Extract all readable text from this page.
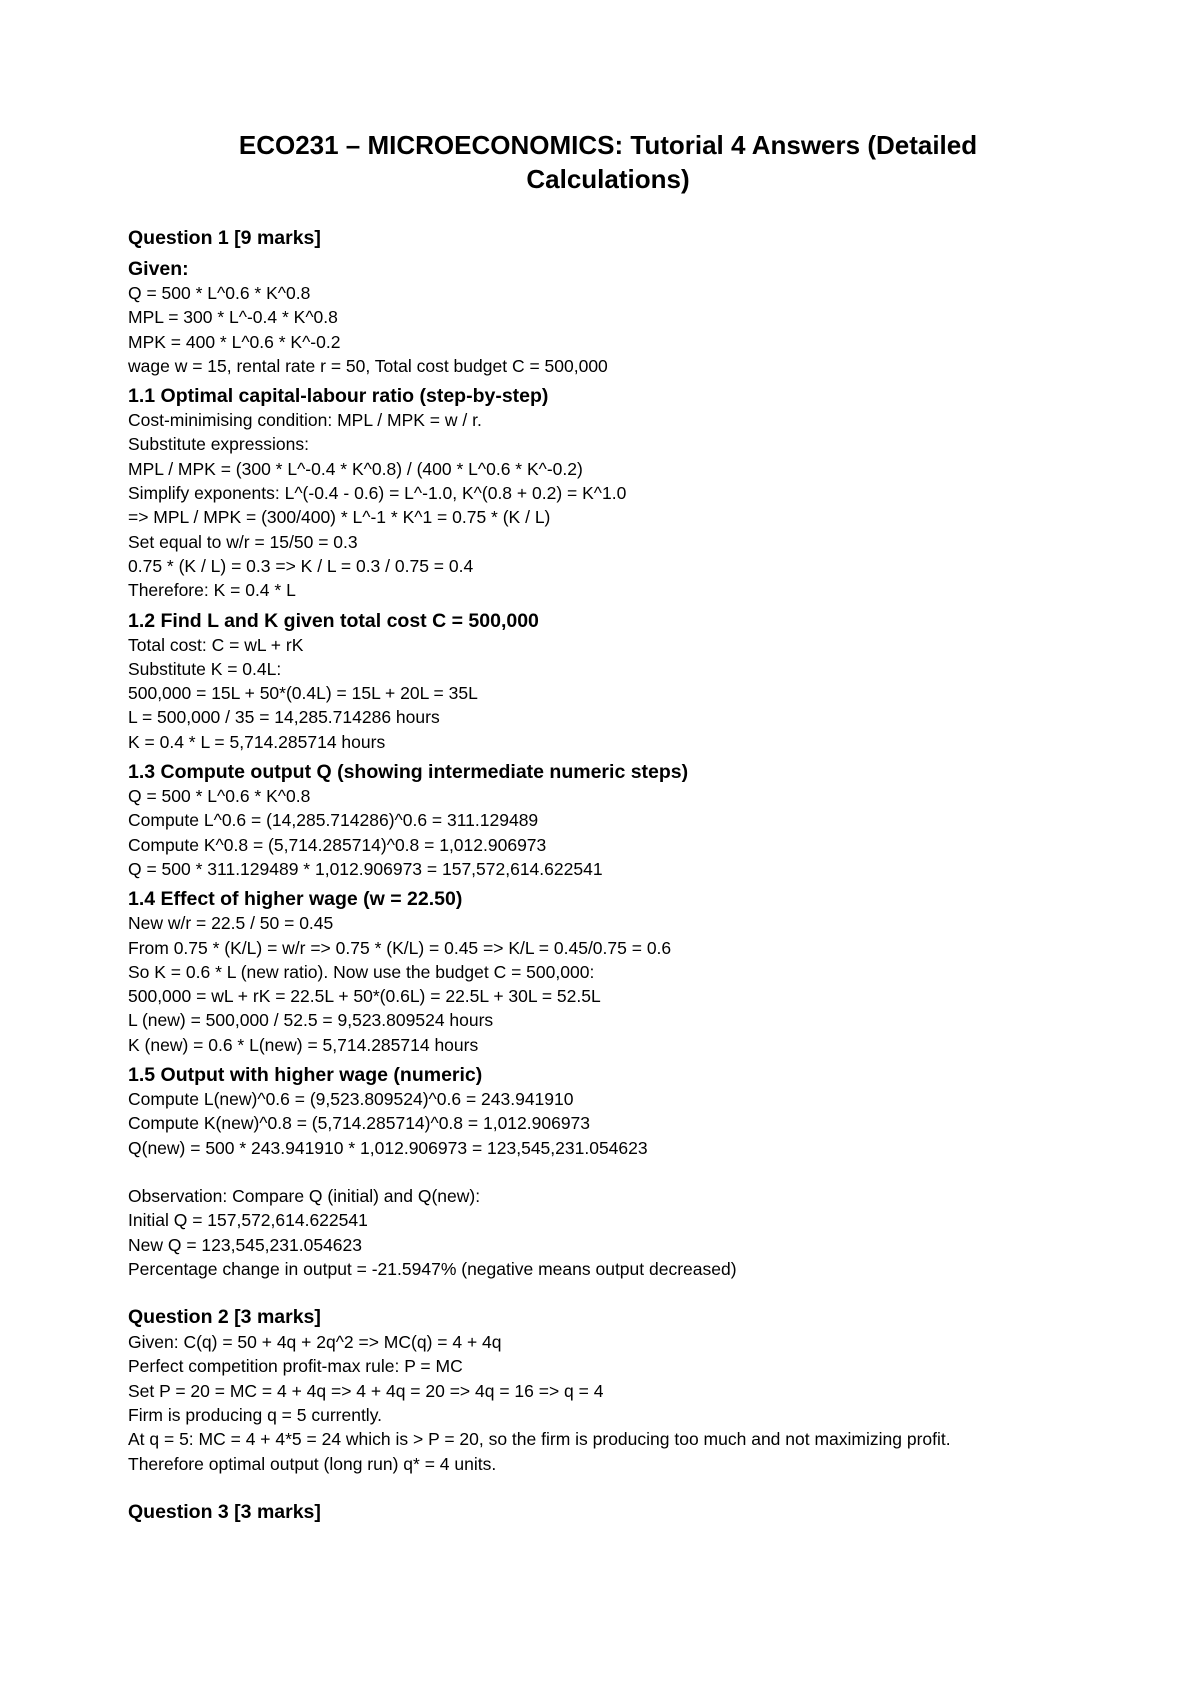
ECO231 – MICROECONOMICS: Tutorial 4 Answers (Detailed
Calculations)
Question 1 [9 marks]
Given:
Q = 500 * L^0.6 * K^0.8
MPL = 300 * L^-0.4 * K^0.8
MPK = 400 * L^0.6 * K^-0.2
wage w = 15, rental rate r = 50, Total cost budget C = 500,000
1.1 Optimal capital-labour ratio (step-by-step)
Cost-minimising condition: MPL / MPK = w / r.
Substitute expressions:
MPL / MPK = (300 * L^-0.4 * K^0.8) / (400 * L^0.6 * K^-0.2)
Simplify exponents: L^(-0.4 - 0.6) = L^-1.0, K^(0.8 + 0.2) = K^1.0
=> MPL / MPK = (300/400) * L^-1 * K^1 = 0.75 * (K / L)
Set equal to w/r = 15/50 = 0.3
0.75 * (K / L) = 0.3 => K / L = 0.3 / 0.75 = 0.4
Therefore: K = 0.4 * L
1.2 Find L and K given total cost C = 500,000
Total cost: C = wL + rK
Substitute K = 0.4L:
500,000 = 15L + 50*(0.4L) = 15L + 20L = 35L
L = 500,000 / 35 = 14,285.714286 hours
K = 0.4 * L = 5,714.285714 hours
1.3 Compute output Q (showing intermediate numeric steps)
Q = 500 * L^0.6 * K^0.8
Compute L^0.6 = (14,285.714286)^0.6 = 311.129489
Compute K^0.8 = (5,714.285714)^0.8 = 1,012.906973
Q = 500 * 311.129489 * 1,012.906973 = 157,572,614.622541
1.4 Effect of higher wage (w = 22.50)
New w/r = 22.5 / 50 = 0.45
From 0.75 * (K/L) = w/r => 0.75 * (K/L) = 0.45 => K/L = 0.45/0.75 = 0.6
So K = 0.6 * L (new ratio). Now use the budget C = 500,000:
500,000 = wL + rK = 22.5L + 50*(0.6L) = 22.5L + 30L = 52.5L
L (new) = 500,000 / 52.5 = 9,523.809524 hours
K (new) = 0.6 * L(new) = 5,714.285714 hours
1.5 Output with higher wage (numeric)
Compute L(new)^0.6 = (9,523.809524)^0.6 = 243.941910
Compute K(new)^0.8 = (5,714.285714)^0.8 = 1,012.906973
Q(new) = 500 * 243.941910 * 1,012.906973 = 123,545,231.054623
Observation: Compare Q (initial) and Q(new):
Initial Q = 157,572,614.622541
New Q = 123,545,231.054623
Percentage change in output = -21.5947% (negative means output decreased)
Question 2 [3 marks]
Given: C(q) = 50 + 4q + 2q^2 => MC(q) = 4 + 4q
Perfect competition profit-max rule: P = MC
Set P = 20 = MC = 4 + 4q => 4 + 4q = 20 => 4q = 16 => q = 4
Firm is producing q = 5 currently.
At q = 5: MC = 4 + 4*5 = 24 which is > P = 20, so the firm is producing too much and not maximizing profit.
Therefore optimal output (long run) q* = 4 units.
Question 3 [3 marks]
